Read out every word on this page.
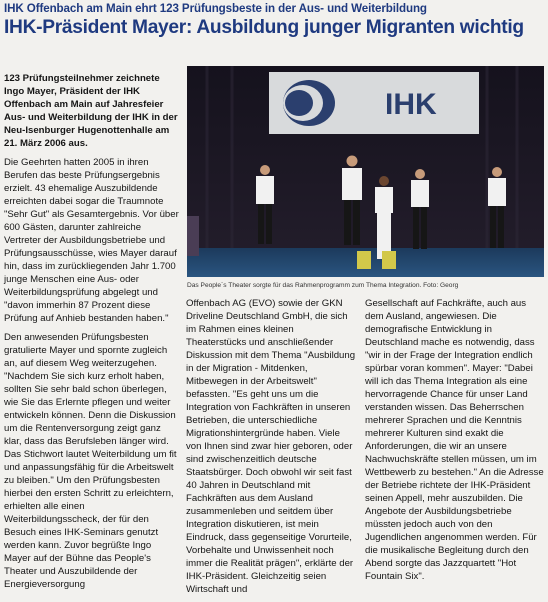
IHK Offenbach am Main ehrt 123 Prüfungsbeste in der Aus- und Weiterbildung
IHK-Präsident Mayer: Ausbildung junger Migranten wichtig

123 Prüfungsteilnehmer zeichnete Ingo Mayer, Präsident der IHK Offenbach am Main auf Jahresfeier Aus- und Weiterbildung der IHK in der Neu-Isenburger Hugenottenhalle am 21. März 2006 aus.

Die Geehrten hatten 2005 in ihren Berufen das beste Prüfungsergebnis erzielt. 43 ehemalige Auszubildende erreichten dabei sogar die Traumnote "Sehr Gut" als Gesamtergebnis. Vor über 600 Gästen, darunter zahlreiche Vertreter der Ausbildungsbetriebe und Prüfungsausschüsse, wies Mayer darauf hin, dass im zurückliegenden Jahr 1.700 junge Menschen eine Aus- oder Weiterbildungsprüfung abgelegt und "davon immerhin 87 Prozent diese Prüfung auf Anhieb bestanden haben."

Den anwesenden Prüfungsbesten gratulierte Mayer und spornte zugleich an, auf diesem Weg weiterzugehen. "Nachdem Sie sich kurz erholt haben, sollten Sie sehr bald schon überlegen, wie Sie das Erlernte pflegen und weiter entwickeln können. Denn die Diskussion um die Rentenversorgung zeigt ganz klar, dass das Berufsleben länger wird. Das Stichwort lautet Weiterbildung um fit und anpassungsfähig für die Arbeitswelt zu bleiben." Um den Prüfungsbesten hierbei den ersten Schritt zu erleichtern, erhielten alle einen Weiterbildungsscheck, der für den Besuch eines IHK-Seminars genutzt werden kann. Zuvor begrüßte Ingo Mayer auf der Bühne das People's Theater und Auszubildende der Energieversorgung

IHK
Das People´s Theater sorgte für das Rahmenprogramm zum Thema Integration. Foto: Georg

Offenbach AG (EVO) sowie der GKN Driveline Deutschland GmbH, die sich im Rahmen eines kleinen Theaterstücks und anschließender Diskussion mit dem Thema "Ausbildung in der Migration - Mitdenken, Mitbewegen in der Arbeitswelt" befassten. "Es geht uns um die Integration von Fachkräften in unseren Betrieben, die unterschiedliche Migrationshintergründe haben. Viele von Ihnen sind zwar hier geboren, oder sind zwischenzeitlich deutsche Staatsbürger. Doch obwohl wir seit fast 40 Jahren in Deutschland mit Fachkräften aus dem Ausland zusammenleben und seitdem über Integration diskutieren, ist mein Eindruck, dass gegenseitige Vorurteile, Vorbehalte und Unwissenheit noch immer die Realität prägen", erklärte der IHK-Präsident. Gleichzeitig seien Wirtschaft und

Gesellschaft auf Fachkräfte, auch aus dem Ausland, angewiesen. Die demografische Entwicklung in Deutschland mache es notwendig, dass "wir in der Frage der Integration endlich spürbar voran kommen". Mayer: "Dabei will ich das Thema Integration als eine hervorragende Chance für unser Land verstanden wissen. Das Beherrschen mehrerer Sprachen und die Kenntnis mehrerer Kulturen sind exakt die Anforderungen, die wir an unsere Nachwuchskräfte stellen müssen, um im Wettbewerb zu bestehen." An die Adresse der Betriebe richtete der IHK-Präsident seinen Appell, mehr auszubilden. Die Angebote der Ausbildungsbetriebe müssten jedoch auch von den Jugendlichen angenommen werden. Für die musikalische Begleitung durch den Abend sorgte das Jazzquartett "Hot Fountain Six".
